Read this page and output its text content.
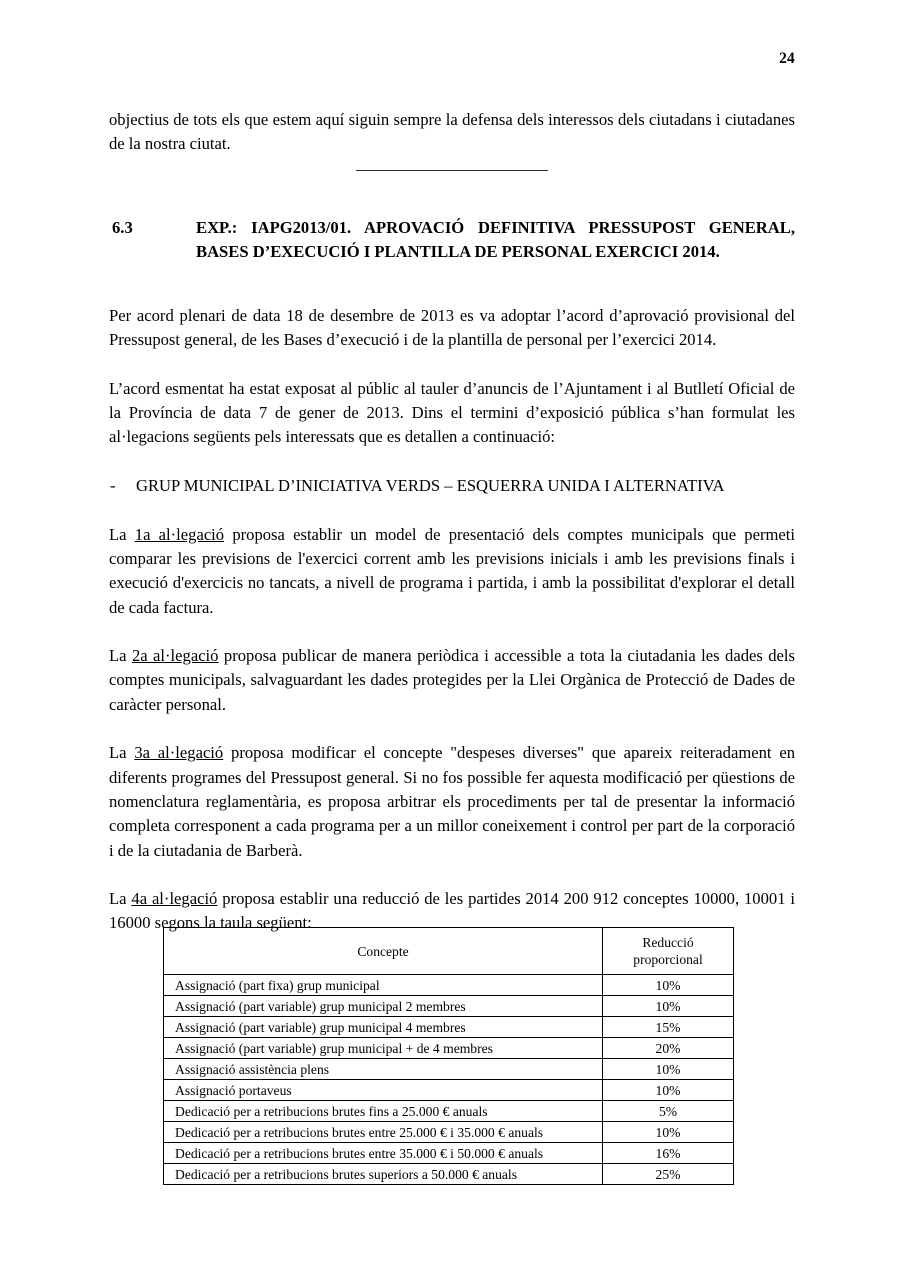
24

objectius de tots els que estem aquí siguin sempre la defensa dels interessos dels ciutadans i ciutadanes de la nostra ciutat.

6.3	EXP.: IAPG2013/01. APROVACIÓ DEFINITIVA PRESSUPOST GENERAL, BASES D’EXECUCIÓ I PLANTILLA DE PERSONAL EXERCICI 2014.

Per acord plenari de data 18 de desembre de 2013 es va adoptar l’acord d’aprovació provisional del Pressupost general, de les Bases d’execució i de la plantilla de personal per l’exercici 2014.

L’acord esmentat ha estat exposat al públic al tauler d’anuncis de l’Ajuntament i al Butlletí Oficial de la Província de data 7 de gener de 2013. Dins el termini d’exposició pública s’han formulat les al·legacions següents pels interessats que es detallen a continuació:

- GRUP MUNICIPAL D’INICIATIVA VERDS – ESQUERRA UNIDA I ALTERNATIVA

La 1a al·legació proposa establir un model de presentació dels comptes municipals que permeti comparar les previsions de l'exercici corrent amb les previsions inicials i amb les previsions finals i execució d'exercicis no tancats, a nivell de programa i partida, i amb la possibilitat d'explorar el detall de cada factura.

La 2a al·legació proposa publicar de manera periòdica i accessible a tota la ciutadania les dades dels comptes municipals, salvaguardant les dades protegides per la Llei Orgànica de Protecció de Dades de caràcter personal.

La 3a al·legació proposa modificar el concepte "despeses diverses" que apareix reiteradament en diferents programes del Pressupost general. Si no fos possible fer aquesta modificació per qüestions de nomenclatura reglamentària, es proposa arbitrar els procediments per tal de presentar la informació completa corresponent a cada programa per a un millor coneixement i control per part de la corporació i de la ciutadania de Barberà.

La 4a al·legació proposa establir una reducció de les partides 2014 200 912 conceptes 10000, 10001 i 16000 segons la taula següent:

Concepte	Reducció
proporcional
Assignació (part fixa) grup municipal	10%
Assignació (part variable) grup municipal 2 membres	10%
Assignació (part variable) grup municipal 4 membres	15%
Assignació (part variable) grup municipal + de 4 membres	20%
Assignació assistència plens	10%
Assignació portaveus	10%
Dedicació per a retribucions brutes fins a 25.000 € anuals	5%
Dedicació per a retribucions brutes entre 25.000 € i 35.000 € anuals	10%
Dedicació per a retribucions brutes entre 35.000 € i 50.000 € anuals	16%
Dedicació per a retribucions brutes superiors a 50.000 € anuals	25%
